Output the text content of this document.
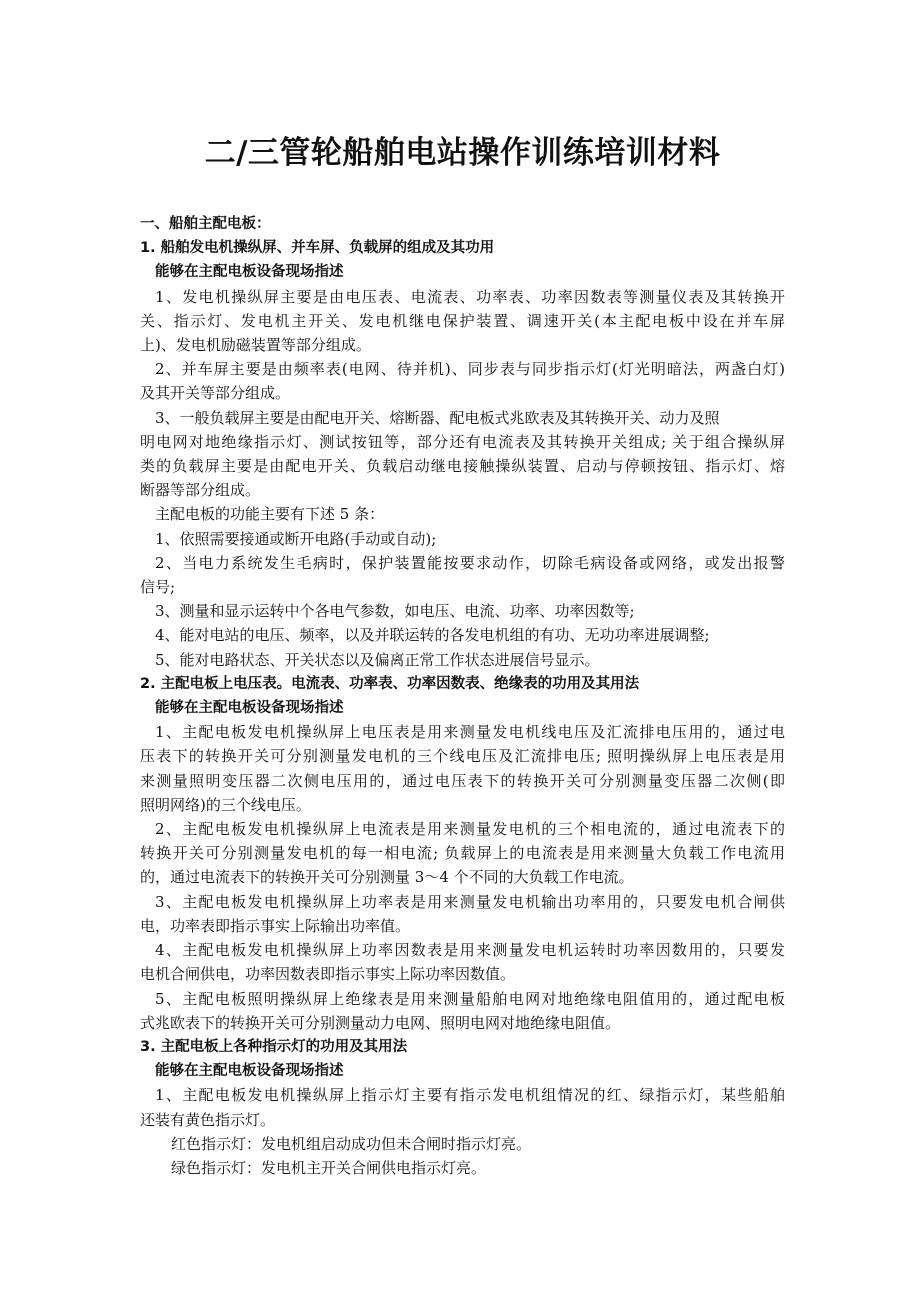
二/三管轮船舶电站操作训练培训材料
一、船舶主配电板：
1. 船舶发电机操纵屏、并车屏、负载屏的组成及其功用
能够在主配电板设备现场指述
1、发电机操纵屏主要是由电压表、电流表、功率表、功率因数表等测量仪表及其转换开
关、指示灯、发电机主开关、发电机继电保护装置、调速开关(本主配电板中设在并车屏
上)、发电机励磁装置等部分组成。
2、并车屏主要是由频率表(电网、待并机)、同步表与同步指示灯(灯光明暗法，两盏白灯)
及其开关等部分组成。
3、一般负载屏主要是由配电开关、熔断器、配电板式兆欧表及其转换开关、动力及照
明电网对地绝缘指示灯、测试按钮等，部分还有电流表及其转换开关组成; 关于组合操纵屏
类的负载屏主要是由配电开关、负载启动继电接触操纵装置、启动与停顿按钮、指示灯、熔
断器等部分组成。
主配电板的功能主要有下述 5 条：
1、依照需要接通或断开电路(手动或自动);
2、当电力系统发生毛病时，保护装置能按要求动作，切除毛病设备或网络，或发出报警
信号;
3、测量和显示运转中个各电气参数，如电压、电流、功率、功率因数等;
4、能对电站的电压、频率，以及并联运转的各发电机组的有功、无功功率进展调整;
5、能对电路状态、开关状态以及偏离正常工作状态进展信号显示。
2. 主配电板上电压表。电流表、功率表、功率因数表、绝缘表的功用及其用法
能够在主配电板设备现场指述
1、主配电板发电机操纵屏上电压表是用来测量发电机线电压及汇流排电压用的，通过电
压表下的转换开关可分别测量发电机的三个线电压及汇流排电压; 照明操纵屏上电压表是用
来测量照明变压器二次侧电压用的，通过电压表下的转换开关可分别测量变压器二次侧(即
照明网络)的三个线电压。
2、主配电板发电机操纵屏上电流表是用来测量发电机的三个相电流的，通过电流表下的
转换开关可分别测量发电机的每一相电流; 负载屏上的电流表是用来测量大负载工作电流用
的，通过电流表下的转换开关可分别测量 3～4 个不同的大负载工作电流。
3、主配电板发电机操纵屏上功率表是用来测量发电机输出功率用的，只要发电机合闸供
电，功率表即指示事实上际输出功率值。
4、主配电板发电机操纵屏上功率因数表是用来测量发电机运转时功率因数用的，只要发
电机合闸供电，功率因数表即指示事实上际功率因数值。
5、主配电板照明操纵屏上绝缘表是用来测量船舶电网对地绝缘电阻值用的，通过配电板
式兆欧表下的转换开关可分别测量动力电网、照明电网对地绝缘电阻值。
3. 主配电板上各种指示灯的功用及其用法
能够在主配电板设备现场指述
1、主配电板发电机操纵屏上指示灯主要有指示发电机组情况的红、绿指示灯，某些船舶
还装有黄色指示灯。
红色指示灯：发电机组启动成功但未合闸时指示灯亮。
绿色指示灯：发电机主开关合闸供电指示灯亮。
